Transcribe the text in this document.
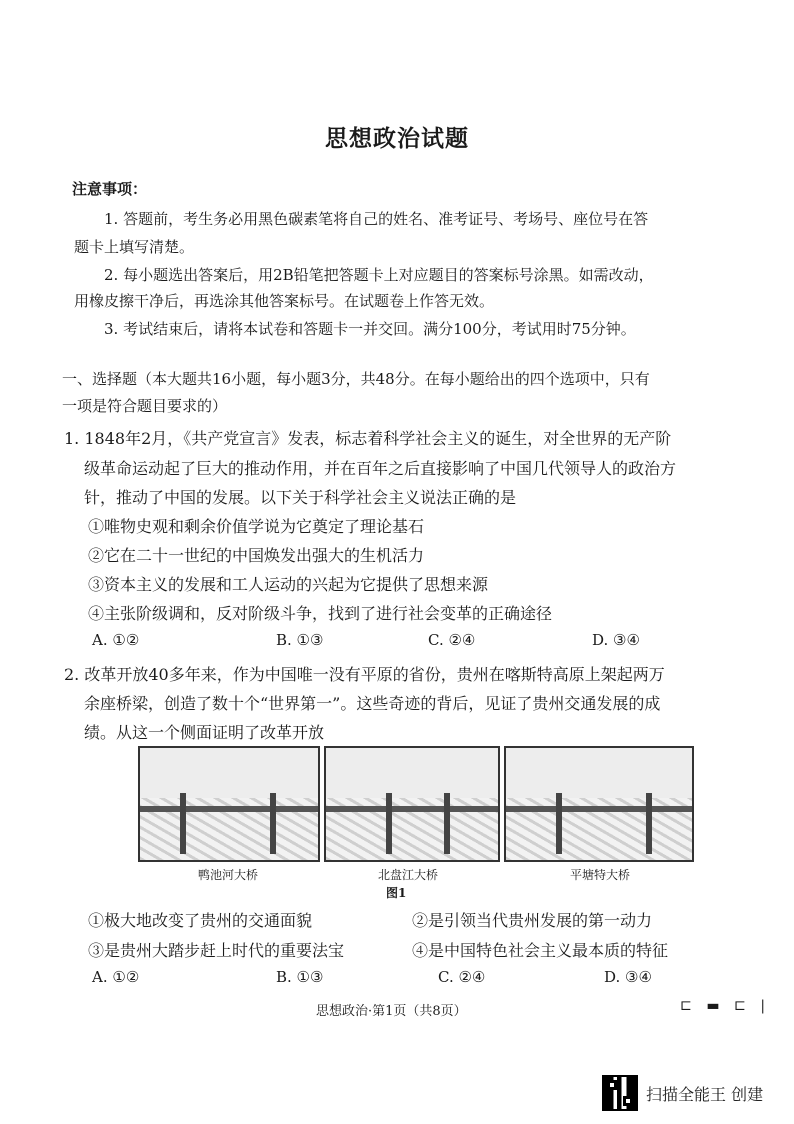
思想政治试题
注意事项：
1. 答题前，考生务必用黑色碳素笔将自己的姓名、准考证号、考场号、座位号在答
题卡上填写清楚。
2. 每小题选出答案后，用2B铅笔把答题卡上对应题目的答案标号涂黑。如需改动，
用橡皮擦干净后，再选涂其他答案标号。在试题卷上作答无效。
3. 考试结束后，请将本试卷和答题卡一并交回。满分100分，考试用时75分钟。
一、选择题（本大题共16小题，每小题3分，共48分。在每小题给出的四个选项中，只有
一项是符合题目要求的）
1. 1848年2月，《共产党宣言》发表，标志着科学社会主义的诞生，对全世界的无产阶
级革命运动起了巨大的推动作用，并在百年之后直接影响了中国几代领导人的政治方
针，推动了中国的发展。以下关于科学社会主义说法正确的是
①唯物史观和剩余价值学说为它奠定了理论基石
②它在二十一世纪的中国焕发出强大的生机活力
③资本主义的发展和工人运动的兴起为它提供了思想来源
④主张阶级调和，反对阶级斗争，找到了进行社会变革的正确途径
A. ①②	B. ①③	C. ②④	D. ③④
2. 改革开放40多年来，作为中国唯一没有平原的省份，贵州在喀斯特高原上架起两万
余座桥梁，创造了数十个“世界第一”。这些奇迹的背后，见证了贵州交通发展的成
绩。从这一个侧面证明了改革开放
鸭池河大桥	北盘江大桥	平塘特大桥
图1
①极大地改变了贵州的交通面貌	②是引领当代贵州发展的第一动力
③是贵州大踏步赶上时代的重要法宝	④是中国特色社会主义最本质的特征
A. ①②	B. ①③	C. ②④	D. ③④
思想政治·第1页（共8页）	⊏ ▬ ⊏ |
扫描全能王 创建
